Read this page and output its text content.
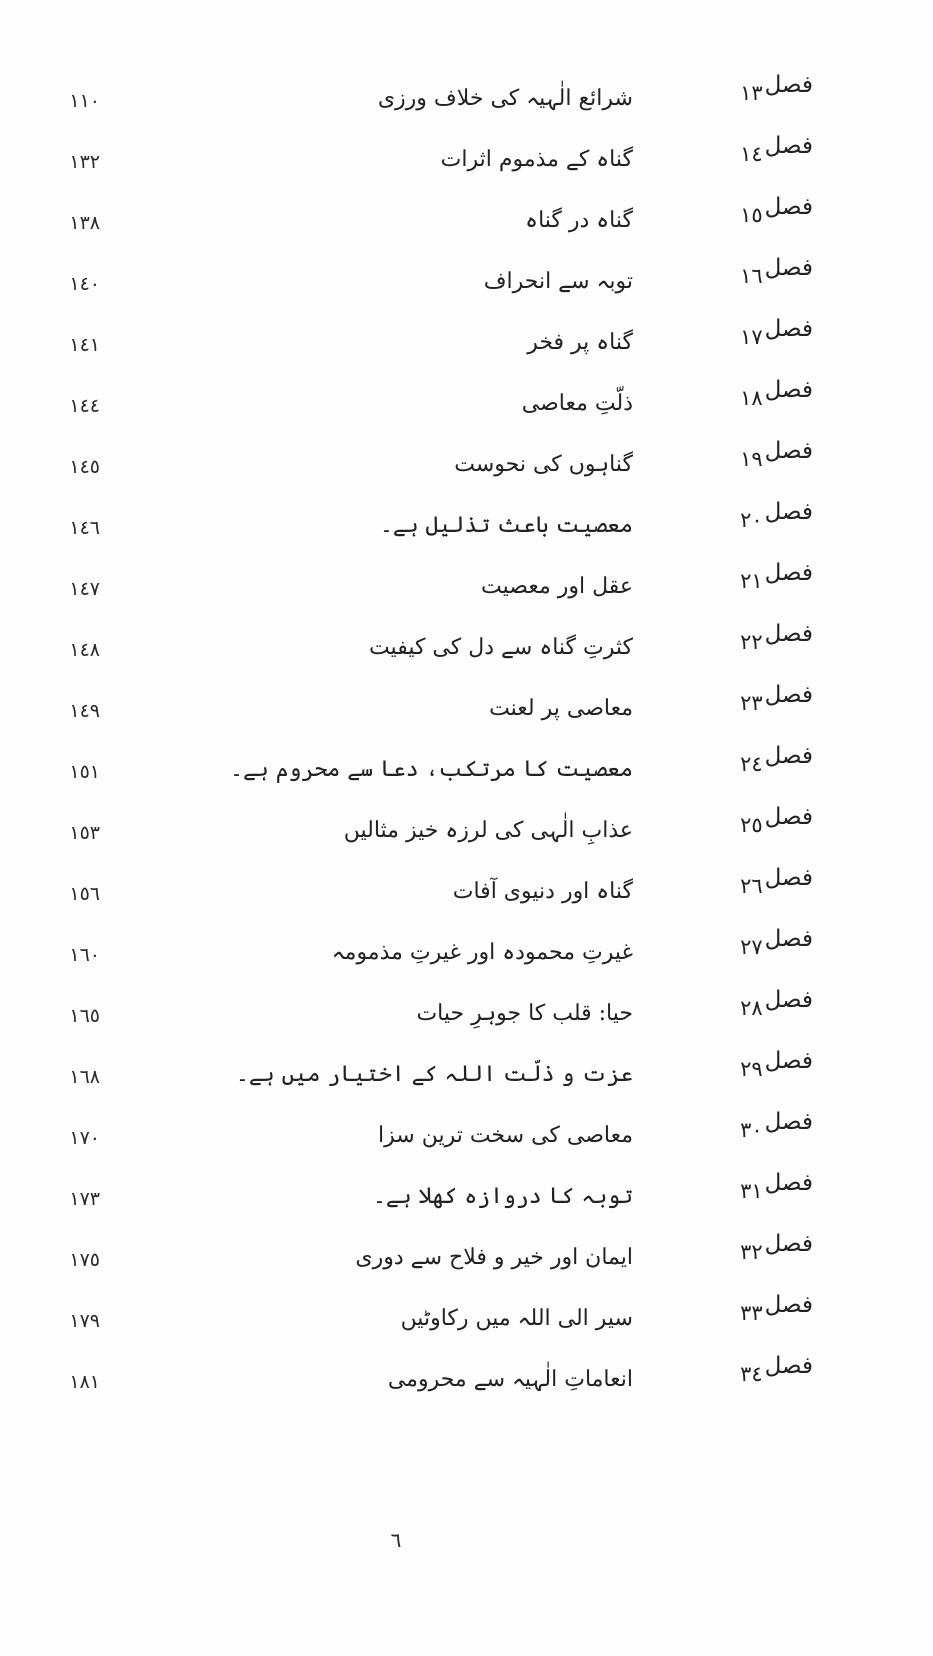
فصل١٣
شرائع الٰہیہ کی خلاف ورزی
١١٠
فصل١٤
گناہ کے مذموم اثرات
١٣٢
فصل١٥
گناہ در گناہ
١٣٨
فصل١٦
توبہ سے انحراف
١٤٠
فصل١٧
گناہ پر فخر
١٤١
فصل١٨
ذلّتِ معاصی
١٤٤
فصل١٩
گناہوں کی نحوست
١٤٥
فصل٢٠
معصیت باعث تذلیل ہے۔
١٤٦
فصل٢١
عقل اور معصیت
١٤٧
فصل٢٢
کثرتِ گناہ سے دل کی کیفیت
١٤٨
فصل٢٣
معاصی پر لعنت
١٤٩
فصل٢٤
معصیت کا مرتکب، دعا سے محروم ہے۔
١٥١
فصل٢٥
عذابِ الٰہی کی لرزہ خیز مثالیں
١٥٣
فصل٢٦
گناہ اور دنیوی آفات
١٥٦
فصل٢٧
غیرتِ محمودہ اور غیرتِ مذمومہ
١٦٠
فصل٢٨
حیا: قلب کا جوہرِ حیات
١٦٥
فصل٢٩
عزت و ذلّت اللہ کے اختیار میں ہے۔
١٦٨
فصل٣٠
معاصی کی سخت ترین سزا
١٧٠
فصل٣١
توبہ کا دروازہ کھلا ہے۔
١٧٣
فصل٣٢
ایمان اور خیر و فلاح سے دوری
١٧٥
فصل٣٣
سیر الی اللہ میں رکاوٹیں
١٧٩
فصل٣٤
انعاماتِ الٰہیہ سے محرومی
١٨١
٦
